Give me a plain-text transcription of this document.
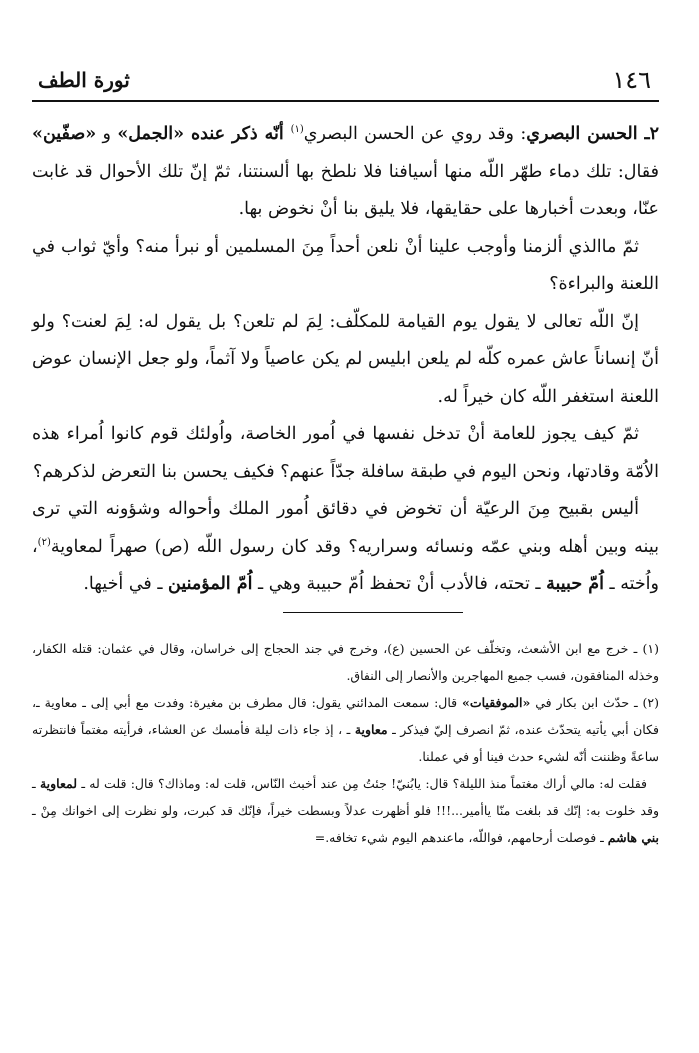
١٤٦
ثورة الطف

٢ـ الحسن البصري: وقد روي عن الحسن البصري$^{(١)}$ أنّه ذكر عنده «الجمل» و «صفّين» فقال: تلك دماء طهّر اللّه منها أسيافنا فلا نلطخ بها ألسنتنا، ثمّ إنّ تلك الأحوال قد غابت عنّا، وبعدت أخبارها على حقايقها، فلا يليق بنا أنْ نخوض بها.

ثمّ ماالذي ألزمنا وأوجب علينا أنْ نلعن أحداً مِنَ المسلمين أو نبرأ منه؟ وأيّ ثواب في اللعنة والبراءة؟

إنّ اللّه تعالى لا يقول يوم القيامة للمكلّف: لِمَ لم تلعن؟ بل يقول له: لِمَ لعنت؟ ولو أنّ إنساناً عاش عمره كلّه لم يلعن ابليس لم يكن عاصياً ولا آثماً، ولو جعل الإنسان عوض اللعنة استغفر اللّه كان خيراً له.

ثمّ كيف يجوز للعامة أنْ تدخل نفسها في اُمور الخاصة، واُولئك قوم كانوا اُمراء هذه الاُمّة وقادتها، ونحن اليوم في طبقة سافلة جدّاً عنهم؟ فكيف يحسن بنا التعرض لذكرهم؟

أليس بقبيح مِنَ الرعيّة أن تخوض في دقائق اُمور الملك وأحواله وشؤونه التي ترى بينه وبين أهله وبني عمّه ونسائه وسراريه؟ وقد كان رسول اللّه (ص) صهراً لمعاوية$^{(٢)}$، واُخته ـ اُمّ حبيبة ـ تحته، فالأدب أنْ تحفظ اُمّ حبيبة وهي ـ اُمّ المؤمنين ـ في أخيها.

(١) ـ خرج مع ابن الأشعث، وتخلّف عن الحسين (ع)، وخرج في جند الحجاج إلى خراسان، وقال في عثمان: قتله الكفار، وخذله المنافقون، فسب جميع المهاجرين والأنصار إلى النفاق.

(٢) ـ حدّث ابن بكار في «الموفقيات» قال: سمعت المدائني يقول: قال مطرف بن مغيرة: وفدت مع أبي إلى ـ معاوية ـ، فكان أبي يأتيه يتحدّث عنده، ثمّ انصرف إليّ فيذكر ـ معاوية ـ ، إذ جاء ذات ليلة فأمسك عن العشاء، فرأيته مغتماً فانتظرته ساعةً وظننت أنّه لشيء حدث فينا أو في عملنا.

فقلت له: مالي أراك مغتماً منذ الليلة؟ قال: يابُنيّ! جئتُ مِن عند أخبث النّاس، قلت له: وماذاك؟ قال: قلت له ـ لمعاوية ـ وقد خلوت به: إنّك قد بلغت منّا ياأمير...!!! فلو أظهرت عدلاً وبسطت خيراً، فإنّك قد كبرت، ولو نظرت إلى اخوانك مِنْ ـ بني هاشم ـ فوصلت أرحامهم، فواللّه، ماعندهم اليوم شيء تخافه.=
